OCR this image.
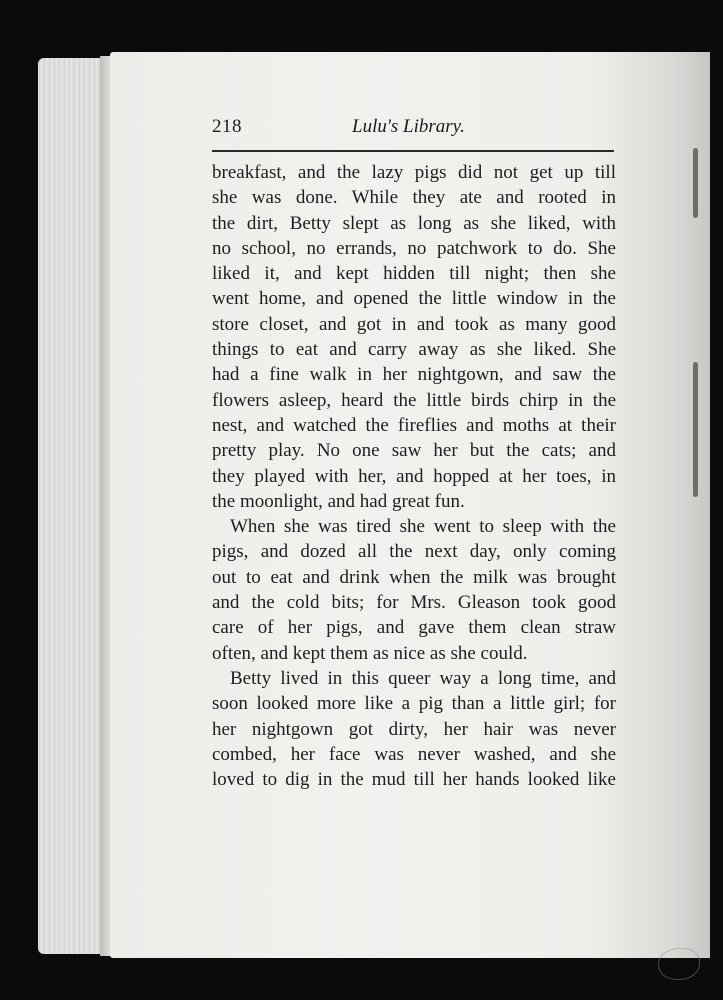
218	Lulu's Library.
breakfast, and the lazy pigs did not get up till
she was done. While they ate and rooted in
the dirt, Betty slept as long as she liked, with
no school, no errands, no patchwork to do. She
liked it, and kept hidden till night; then she
went home, and opened the little window in the
store closet, and got in and took as many good
things to eat and carry away as she liked. She
had a fine walk in her nightgown, and saw the
flowers asleep, heard the little birds chirp in the
nest, and watched the fireflies and moths at their
pretty play. No one saw her but the cats; and
they played with her, and hopped at her toes, in
the moonlight, and had great fun.
When she was tired she went to sleep with the
pigs, and dozed all the next day, only coming
out to eat and drink when the milk was brought
and the cold bits; for Mrs. Gleason took good
care of her pigs, and gave them clean straw
often, and kept them as nice as she could.
Betty lived in this queer way a long time, and
soon looked more like a pig than a little girl; for
her nightgown got dirty, her hair was never
combed, her face was never washed, and she
loved to dig in the mud till her hands looked like
